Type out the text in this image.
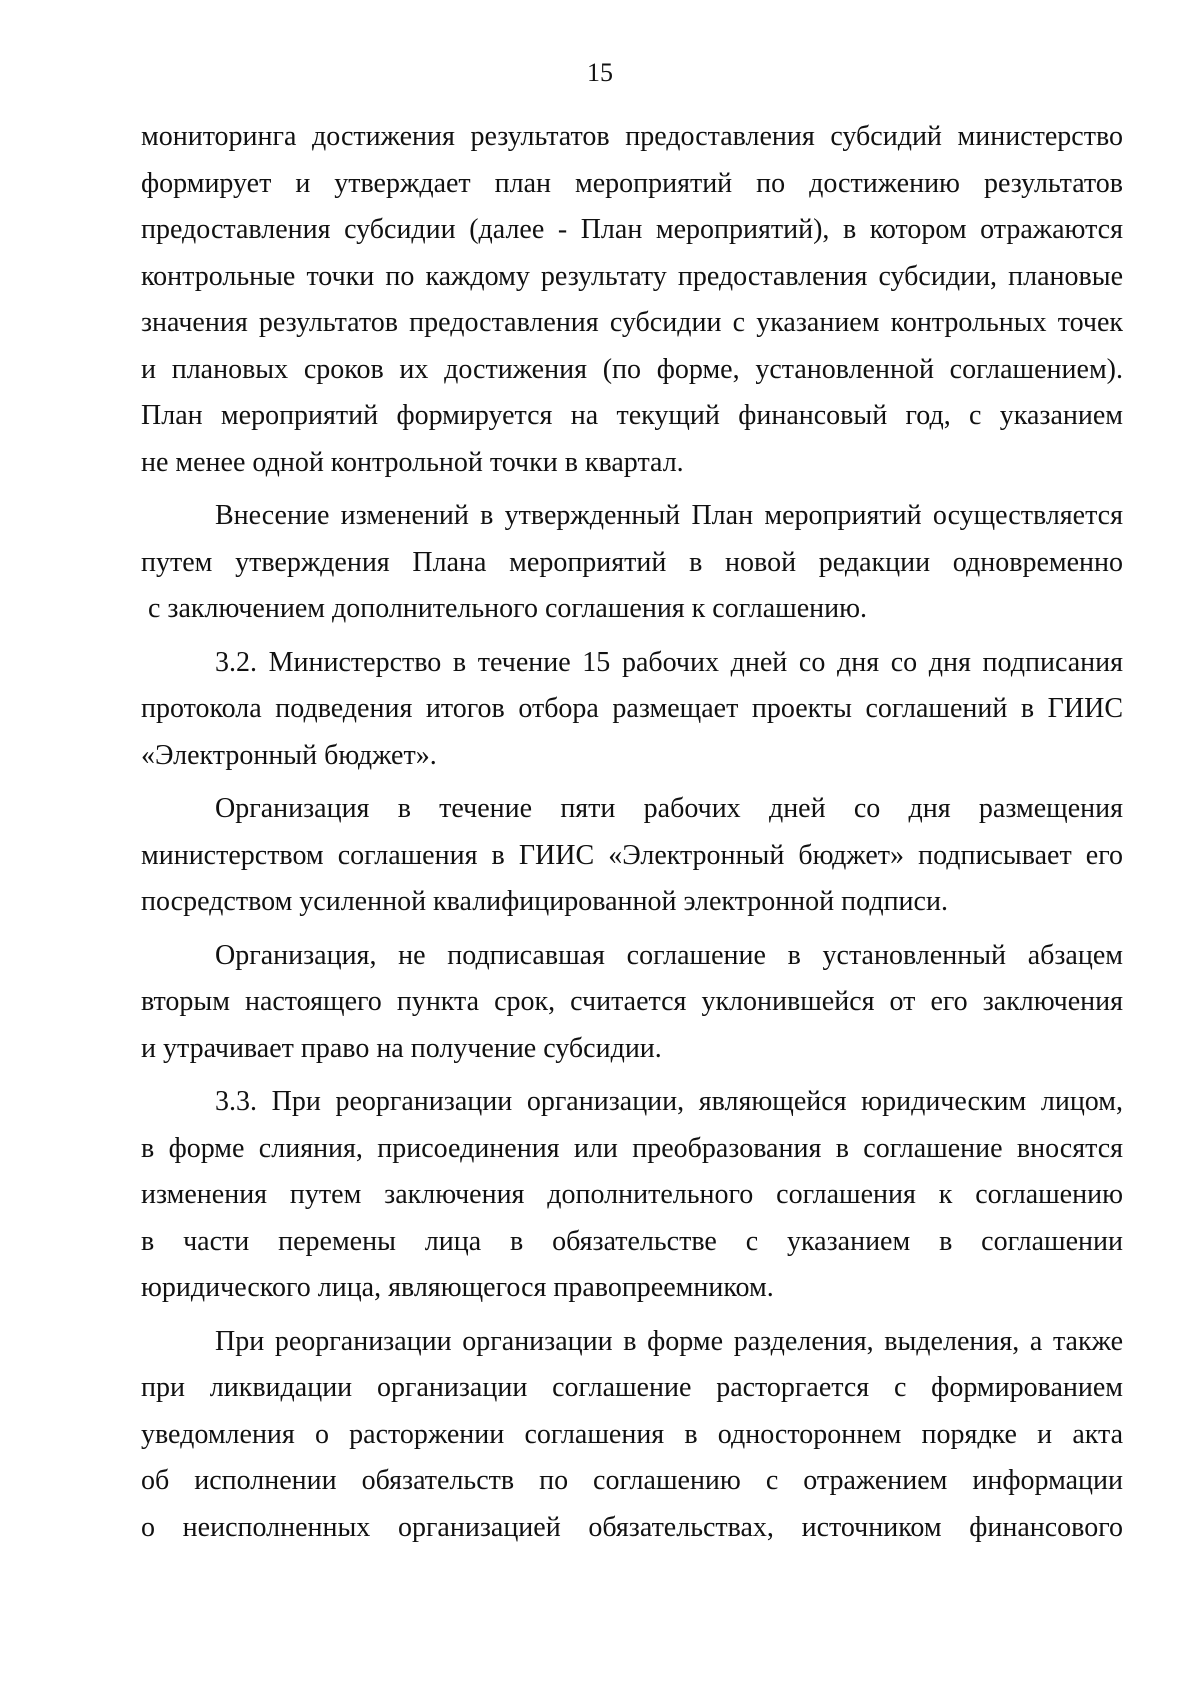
15
мониторинга достижения результатов предоставления субсидий министерство
формирует и утверждает план мероприятий по достижению результатов
предоставления субсидии (далее - План мероприятий), в котором отражаются
контрольные точки по каждому результату предоставления субсидии, плановые
значения результатов предоставления субсидии с указанием контрольных точек
и плановых сроков их достижения (по форме, установленной соглашением).
План мероприятий формируется на текущий финансовый год, с указанием
не менее одной контрольной точки в квартал.
Внесение изменений в утвержденный План мероприятий осуществляется
путем утверждения Плана мероприятий в новой редакции одновременно
с заключением дополнительного соглашения к соглашению.
3.2. Министерство в течение 15 рабочих дней со дня со дня подписания
протокола подведения итогов отбора размещает проекты соглашений в ГИИС
«Электронный бюджет».
Организация в течение пяти рабочих дней со дня размещения
министерством соглашения в ГИИС «Электронный бюджет» подписывает его
посредством усиленной квалифицированной электронной подписи.
Организация, не подписавшая соглашение в установленный абзацем
вторым настоящего пункта срок, считается уклонившейся от его заключения
и утрачивает право на получение субсидии.
3.3. При реорганизации организации, являющейся юридическим лицом,
в форме слияния, присоединения или преобразования в соглашение вносятся
изменения путем заключения дополнительного соглашения к соглашению
в части перемены лица в обязательстве с указанием в соглашении
юридического лица, являющегося правопреемником.
При реорганизации организации в форме разделения, выделения, а также
при ликвидации организации соглашение расторгается с формированием
уведомления о расторжении соглашения в одностороннем порядке и акта
об исполнении обязательств по соглашению с отражением информации
о неисполненных организацией обязательствах, источником финансового
